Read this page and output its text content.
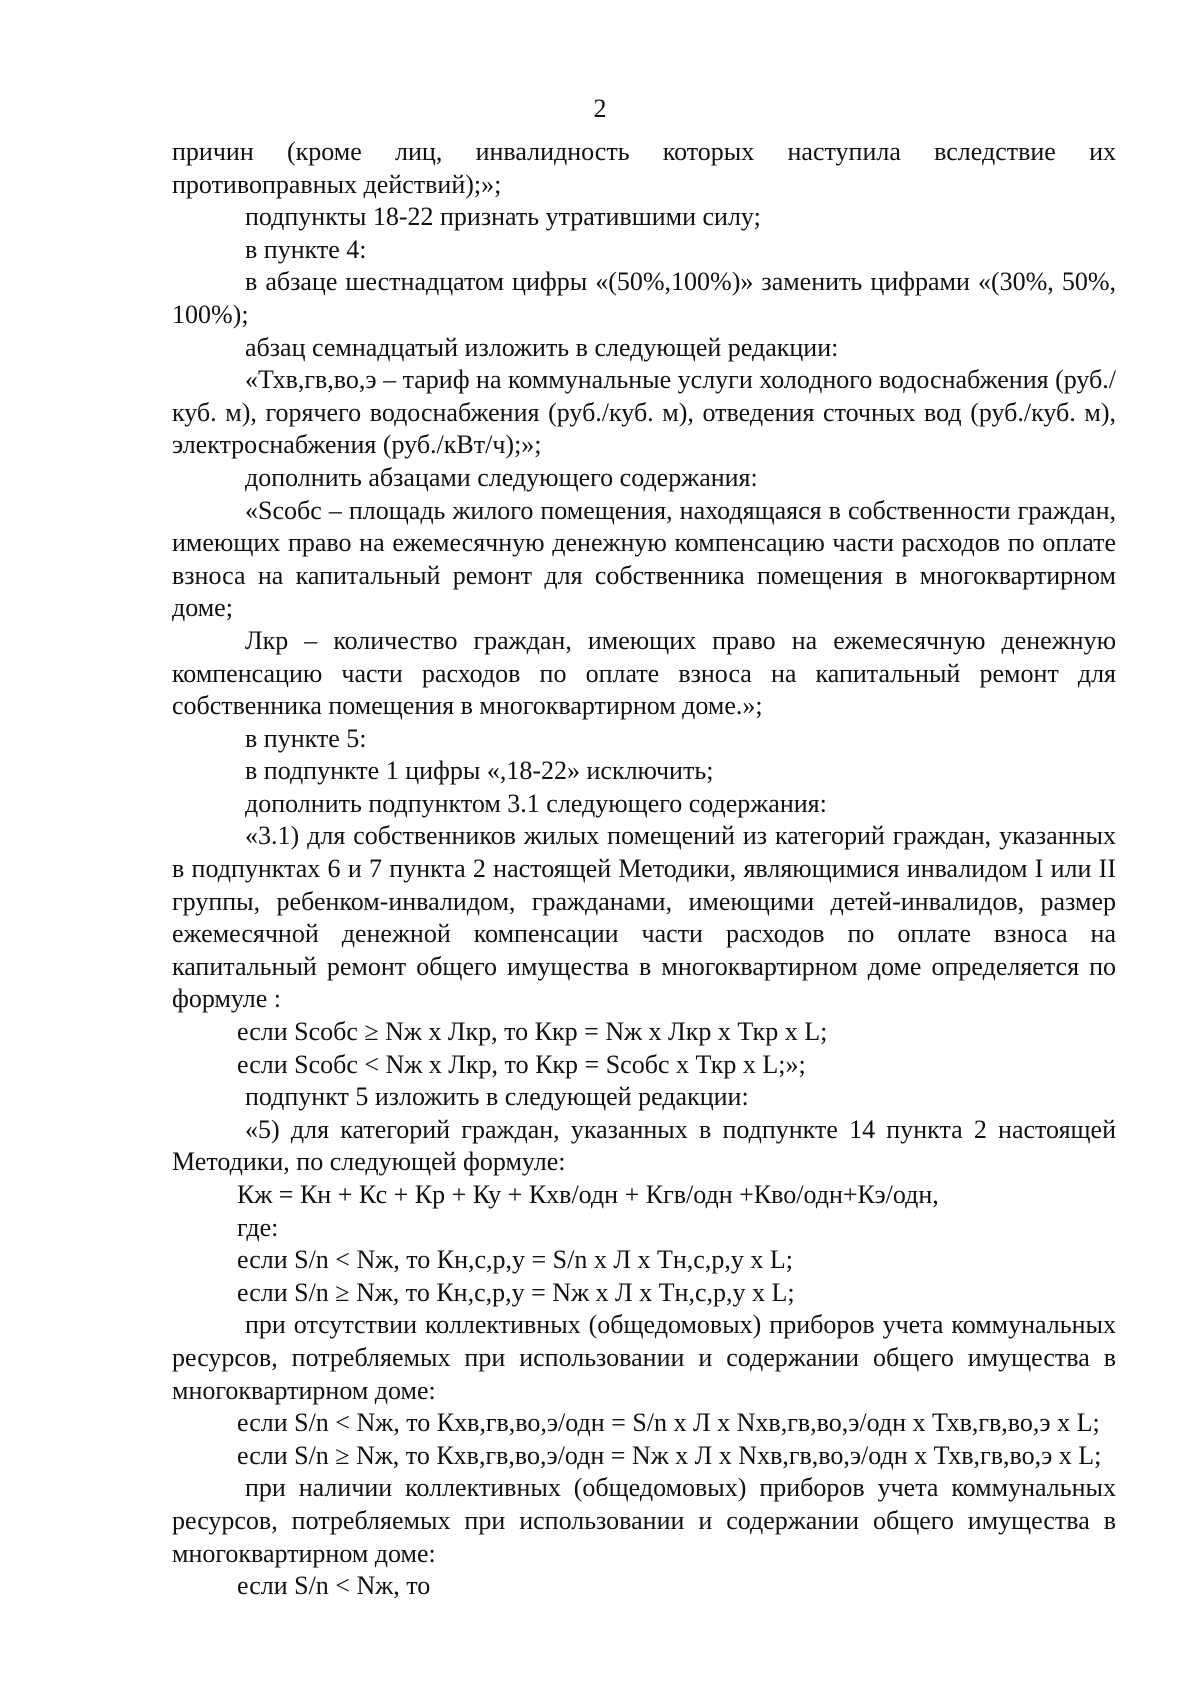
2

причин (кроме лиц, инвалидность которых наступила вследствие их противоправных действий);»;

подпункты 18-22 признать утратившими силу;

в пункте 4:

в абзаце шестнадцатом цифры «(50%,100%)» заменить цифрами «(30%, 50%, 100%);

абзац семнадцатый изложить в следующей редакции:

«Тхв,гв,во,э – тариф на коммунальные услуги холодного водоснабжения (руб./куб. м), горячего водоснабжения (руб./куб. м), отведения сточных вод (руб./куб. м), электроснабжения (руб./кВт/ч);»;

дополнить абзацами следующего содержания:

«Sсобс – площадь жилого помещения, находящаяся в собственности граждан, имеющих право на ежемесячную денежную компенсацию части расходов по оплате взноса на капитальный ремонт для собственника помещения в многоквартирном доме;

Лкр – количество граждан, имеющих право на ежемесячную денежную компенсацию части расходов по оплате взноса на капитальный ремонт для собственника помещения в многоквартирном доме.»;

в пункте 5:

в подпункте 1 цифры «,18-22» исключить;

дополнить подпунктом 3.1 следующего содержания:

«3.1) для собственников жилых помещений из категорий граждан, указанных в подпунктах 6 и 7 пункта 2 настоящей Методики, являющимися инвалидом I или II группы, ребенком-инвалидом, гражданами, имеющими детей-инвалидов, размер ежемесячной денежной компенсации части расходов по оплате взноса на капитальный ремонт общего имущества в многоквартирном доме определяется по формуле :

если Sсобс ≥ Nж x Лкр, то Ккр = Nж x Лкр x Ткр x L;

если Sсобс < Nж x Лкр, то Ккр = Sсобс x Ткр x L;»;

подпункт 5 изложить в следующей редакции:

«5) для категорий граждан, указанных в подпункте 14 пункта 2 настоящей Методики, по следующей формуле:

Кж = Кн + Кс + Кр + Ку + Кхв/одн + Кгв/одн +Кво/одн+Кэ/одн,

где:

если S/n < Nж, то Кн,с,р,у = S/n x Л x Тн,с,р,у x L;

если S/n ≥ Nж, то Кн,с,р,у = Nж x Л x Тн,с,р,у x L;

при отсутствии коллективных (общедомовых) приборов учета коммунальных ресурсов, потребляемых при использовании и содержании общего имущества в многоквартирном доме:

если S/n < Nж, то Кхв,гв,во,э/одн = S/n x Л x Nхв,гв,во,э/одн x Тхв,гв,во,э x L;

если S/n ≥ Nж, то Кхв,гв,во,э/одн = Nж x Л x Nхв,гв,во,э/одн x Тхв,гв,во,э x L;

при наличии коллективных (общедомовых) приборов учета коммунальных ресурсов, потребляемых при использовании и содержании общего имущества в многоквартирном доме:

если S/n < Nж, то
